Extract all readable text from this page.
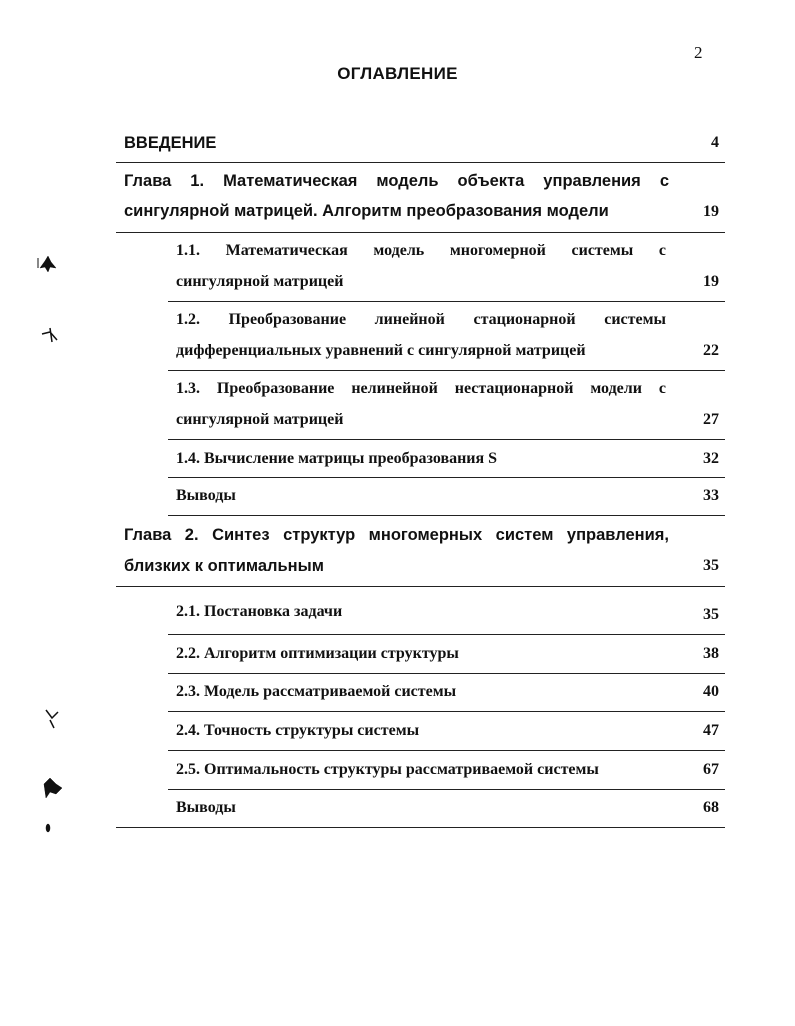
2
ОГЛАВЛЕНИЕ
ВВЕДЕНИЕ	4
Глава 1. Математическая модель объекта управления с
сингулярной матрицей. Алгоритм преобразования модели	19
1.1. Математическая модель многомерной системы с
сингулярной матрицей	19
1.2. Преобразование линейной стационарной системы
дифференциальных уравнений с сингулярной матрицей	22
1.3. Преобразование нелинейной нестационарной модели с
сингулярной матрицей	27
1.4. Вычисление матрицы преобразования S	32
Выводы	33
Глава 2. Синтез структур многомерных систем управления,
близких к оптимальным	35
2.1. Постановка задачи	35
2.2. Алгоритм оптимизации структуры	38
2.3. Модель рассматриваемой системы	40
2.4. Точность структуры системы	47
2.5. Оптимальность структуры рассматриваемой системы	67
Выводы	68
